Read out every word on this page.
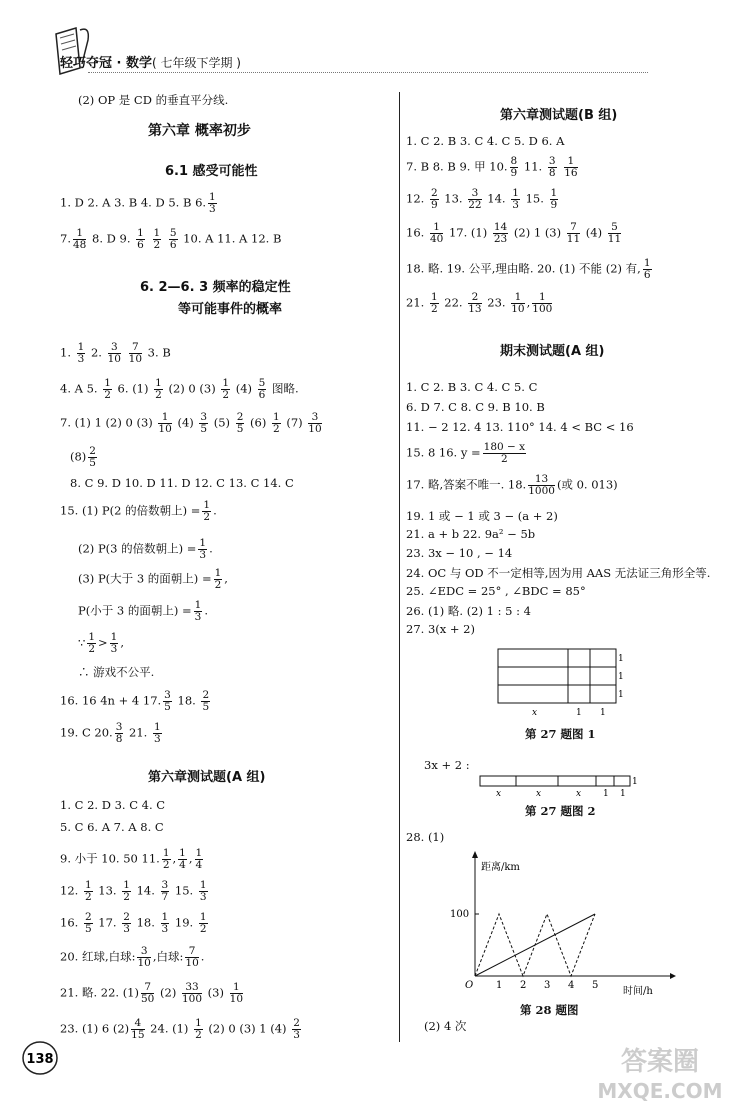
轻巧夺冠 · 数学( 七年级下学期 )
(2) OP 是 CD 的垂直平分线.
第六章 概率初步
6.1 感受可能性
1. D 2. A 3. B 4. D 5. B 6. $\frac{1}{3}$
7. $\frac{1}{48} 8$. D 9. $\frac{1}{6}$
$\frac{1}{2}$
$\frac{5}{6} 10$. A 11. A 12. B
6. 2—6. 3 频率的稳定性
等可能事件的概率
1. $\frac{1}{3} 2$. $\frac{3}{10}$
$\frac{7}{10} 3$. B
4. A 5. $\frac{1}{2} 6$. $(1) \frac{1}{2} (2)$ 0 $(3) \frac{1}{2} (4) \frac{5}{6}$ 图略.
7. (1) 1 (2) 0 $(3) \frac{1}{10} (4) \frac{3}{5} (5) \frac{2}{5} (6) \frac{1}{2} (7) \frac{3}{10}$
$(8) \frac{2}{5}$
8. C 9. D 10. D 11. D 12. C 13. C 14. C
15. (1) P(2 的倍数朝上) = $\frac{1}{2}$ .
(2) P(3 的倍数朝上) = $\frac{1}{3}$ .
(3) P(大于 3 的面朝上) = $\frac{1}{2}$ ,
P(小于 3 的面朝上) = $\frac{1}{3}$ .
∵ $\frac{1}{2} > \frac{1}{3}$ ,
∴ 游戏不公平.
16. 16 4n + 4 17. $\frac{3}{5} 18$. $\frac{2}{5}$
19. C 20. $\frac{3}{8} 21$. $\frac{1}{3}$
第六章测试题(A 组)
1. C 2. D 3. C 4. C
5. C 6. A 7. A 8. C
9. 小于 10. 50 11. $\frac{1}{2}$ , $\frac{1}{4}$ , $\frac{1}{4}$
12. $\frac{1}{2} 13$. $\frac{1}{2} 14$. $\frac{3}{7} 15$. $\frac{1}{3}$
16. $\frac{2}{5} 17$. $\frac{2}{3} 18$. $\frac{1}{3} 19$. $\frac{1}{2}$
20. 红球,白球: $\frac{3}{10}$ ,白球: $\frac{7}{10}$ .
21. 略. 22. $(1) \frac{7}{50} (2) \frac{33}{100} (3) \frac{1}{10}$
23. (1) 6 $(2) \frac{4}{15} 24$. $(1) \frac{1}{2} (2)$ 0 (3) 1 $(4) \frac{2}{3}$
138
第六章测试题(B 组)
1. C 2. B 3. C 4. C 5. D 6. A
7. B 8. B 9. 甲 10. $\frac{8}{9} 11$. $\frac{3}{8}$
$\frac{1}{16}$
12. $\frac{2}{9} 13$. $\frac{3}{22} 14$. $\frac{1}{3} 15$. $\frac{1}{9}$
16. $\frac{1}{40} 17$. $(1) \frac{14}{23} (2)$ 1 $(3) \frac{7}{11} (4) \frac{5}{11}$
18. 略. 19. 公平,理由略. 20. (1) 不能 (2) 有, $\frac{1}{6}$
21. $\frac{1}{2} 22$. $\frac{2}{13} 23$. $\frac{1}{10}$ , $\frac{1}{100}$
期末测试题(A 组)
1. C 2. B 3. C 4. C 5. C
6. D 7. C 8. C 9. B 10. B
11. − 2 12. 4 13. 110° 14. 4 < BC < 16
15. 8 16. $y = \frac{180 - x}{2}$
17. 略,答案不唯一. 18. $\frac{13}{1000}$ (或 0. 013)
19. 1 或 − 1 或 3 − (a + 2)
21. a + b 22. 9a² − 5b
23. 3x − 10 , − 14
24. OC 与 OD 不一定相等,因为用 AAS 无法证三角形全等.
25. ∠EDC = 25° , ∠BDC = 85°
26. (1) 略. (2) 1 : 5 : 4
27. 3(x + 2)
1
1
1
x	1 1
第 27 题图 1
3x + 2 :
1
x	x	x 1 1
第 27 题图 2
28. (1)
距离/km
100
O 1 2 3 4 5
时间/h
第 28 题图
(2) 4 次
答案圈
MXQE.COM
